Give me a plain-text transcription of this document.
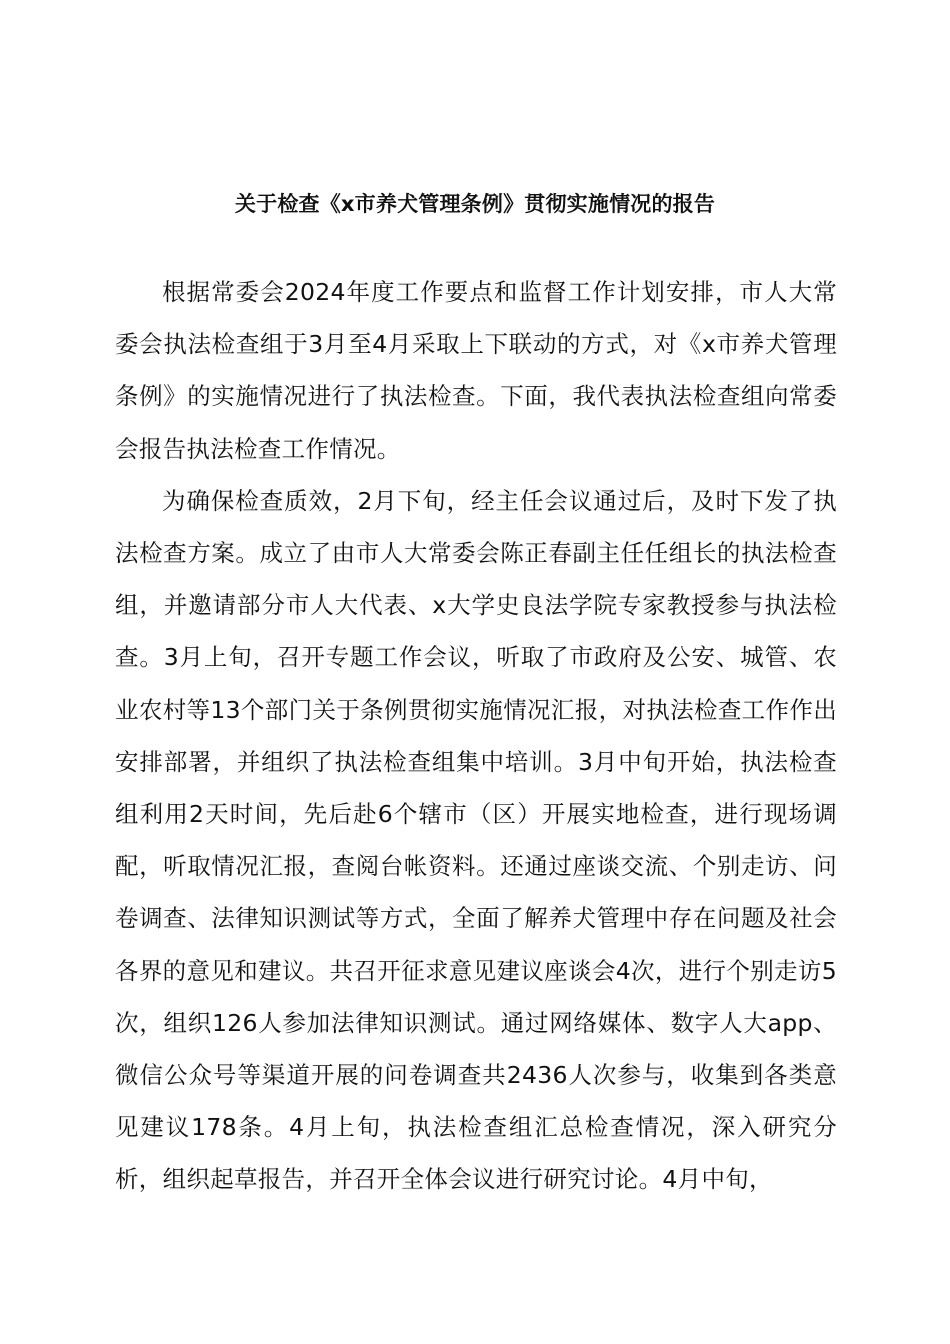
关于检查《x市养犬管理条例》贯彻实施情况的报告

根据常委会2024年度工作要点和监督工作计划安排，市人大常委会执法检查组于3月至4月采取上下联动的方式，对《x市养犬管理条例》的实施情况进行了执法检查。下面，我代表执法检查组向常委会报告执法检查工作情况。

为确保检查质效，2月下旬，经主任会议通过后，及时下发了执法检查方案。成立了由市人大常委会陈正春副主任任组长的执法检查组，并邀请部分市人大代表、x大学史良法学院专家教授参与执法检查。3月上旬，召开专题工作会议，听取了市政府及公安、城管、农业农村等13个部门关于条例贯彻实施情况汇报，对执法检查工作作出安排部署，并组织了执法检查组集中培训。3月中旬开始，执法检查组利用2天时间，先后赴6个辖市（区）开展实地检查，进行现场调配，听取情况汇报，查阅台帐资料。还通过座谈交流、个别走访、问卷调查、法律知识测试等方式，全面了解养犬管理中存在问题及社会各界的意见和建议。共召开征求意见建议座谈会4次，进行个别走访5次，组织126人参加法律知识测试。通过网络媒体、数字人大app、微信公众号等渠道开展的问卷调查共2436人次参与，收集到各类意见建议178条。4月上旬，执法检查组汇总检查情况，深入研究分析，组织起草报告，并召开全体会议进行研究讨论。4月中旬，
